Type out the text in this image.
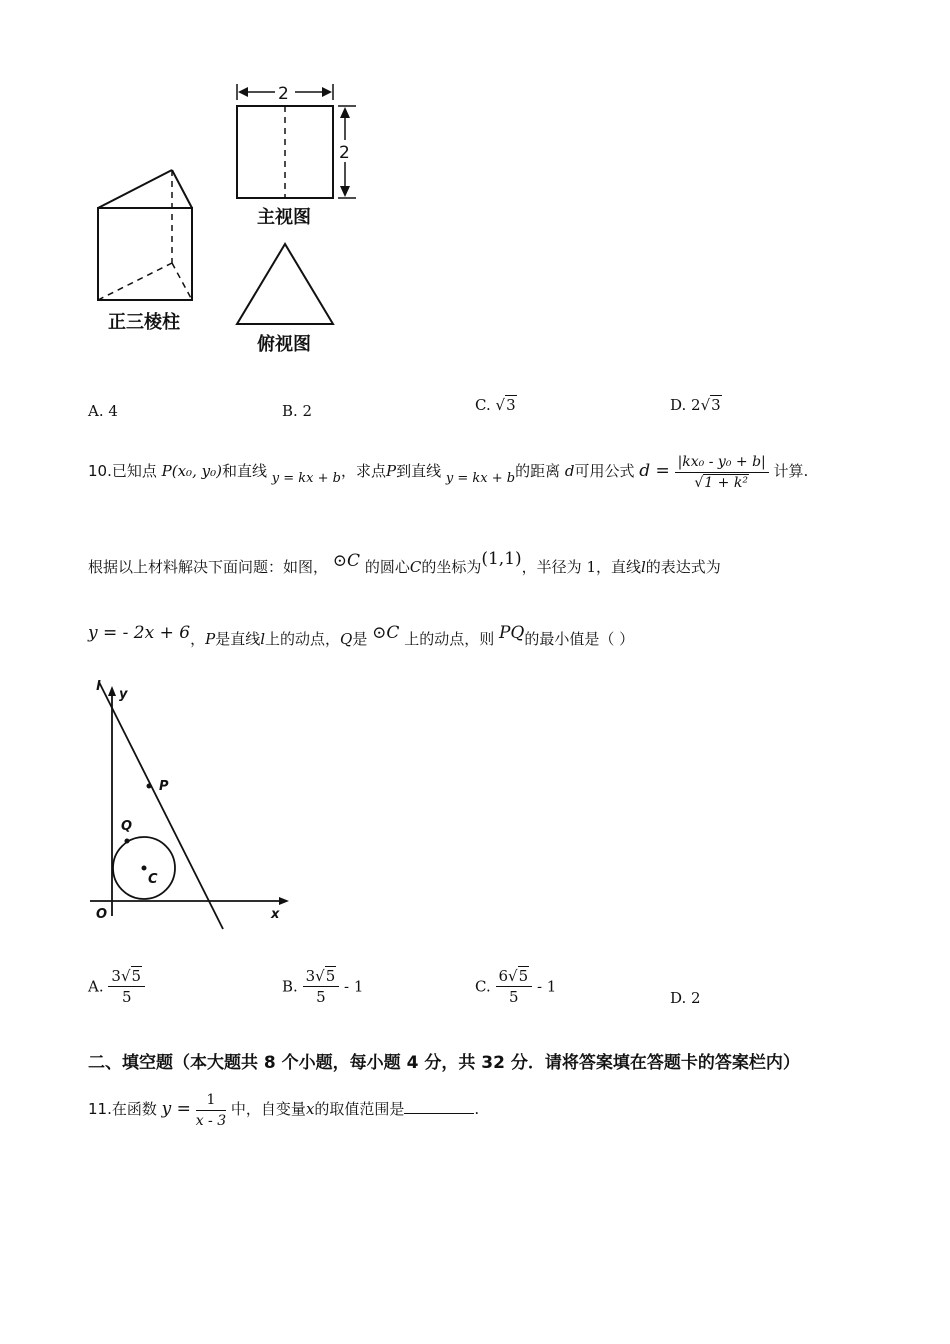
正三棱柱
2
2
主视图
俯视图
A. 4	B. 2	C. √3	D. 2√3
10.已知点 P(x₀, y₀)和直线 y = kx + b，求点P到直线 y = kx + b的距离 d可用公式 $d = \frac{\text{|kx₀ - y₀ + b|}}{\text{√1 + k²}}$ 计算.
根据以上材料解决下面问题：如图， ⊙C 的圆心C的坐标为(1,1)，半径为 1，直线l的表达式为
y = - 2x + 6，P是直线l上的动点，Q是 ⊙C 上的动点，则 PQ的最小值是（ ）
l
y
x
O
P
Q
C
A. $\frac{3√5}{5}$	B. $\frac{3√5}{5} - 1$	C. $\frac{6√5}{5} - 1$
D. 2
二、填空题（本大题共 8 个小题，每小题 4 分，共 32 分．请将答案填在答题卡的答案栏内）
11.在函数 $y = \frac{1}{x - 3}$ 中，自变量x的取值范围是	.
